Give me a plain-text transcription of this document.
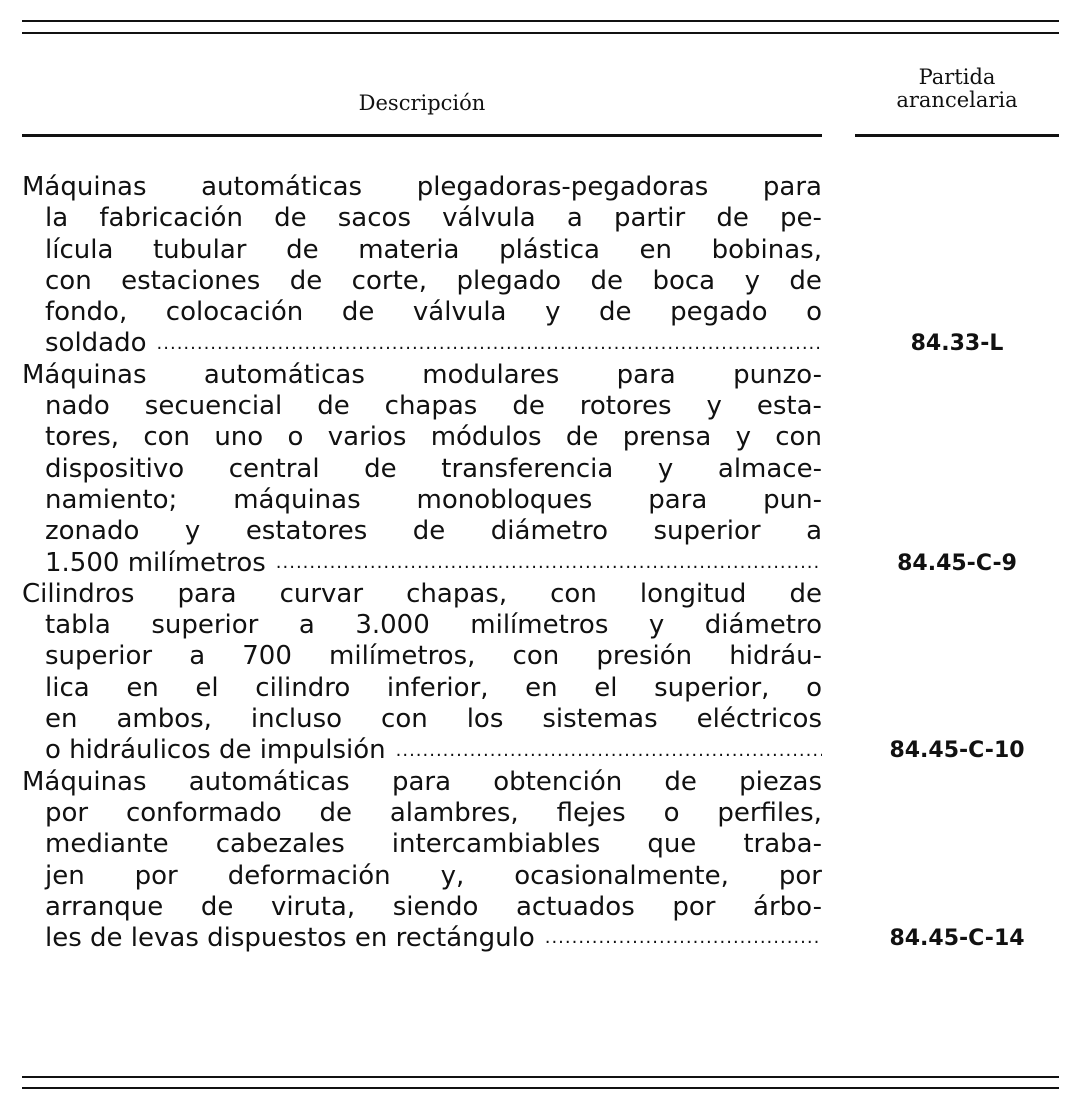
Descripción
Partida
arancelaria
Máquinas automáticas plegadoras-pegadoras para
la fabricación de sacos válvula a partir de pe-
lícula tubular de materia plástica en bobinas,
con estaciones de corte, plegado de boca y de
fondo, colocación de válvula y de pegado o
soldado .....	84.33-L
Máquinas automáticas modulares para punzo-
nado secuencial de chapas de rotores y esta-
tores, con uno o varios módulos de prensa y con
dispositivo central de transferencia y almace-
namiento; máquinas monobloques para pun-
zonado y estatores de diámetro superior a
1.500 milímetros .....	84.45-C-9
Cilindros para curvar chapas, con longitud de
tabla superior a 3.000 milímetros y diámetro
superior a 700 milímetros, con presión hidráu-
lica en el cilindro inferior, en el superior, o
en ambos, incluso con los sistemas eléctricos
o hidráulicos de impulsión .....	84.45-C-10
Máquinas automáticas para obtención de piezas
por conformado de alambres, flejes o perfiles,
mediante cabezales intercambiables que traba-
jen por deformación y, ocasionalmente, por
arranque de viruta, siendo actuados por árbo-
les de levas dispuestos en rectángulo .....	84.45-C-14
